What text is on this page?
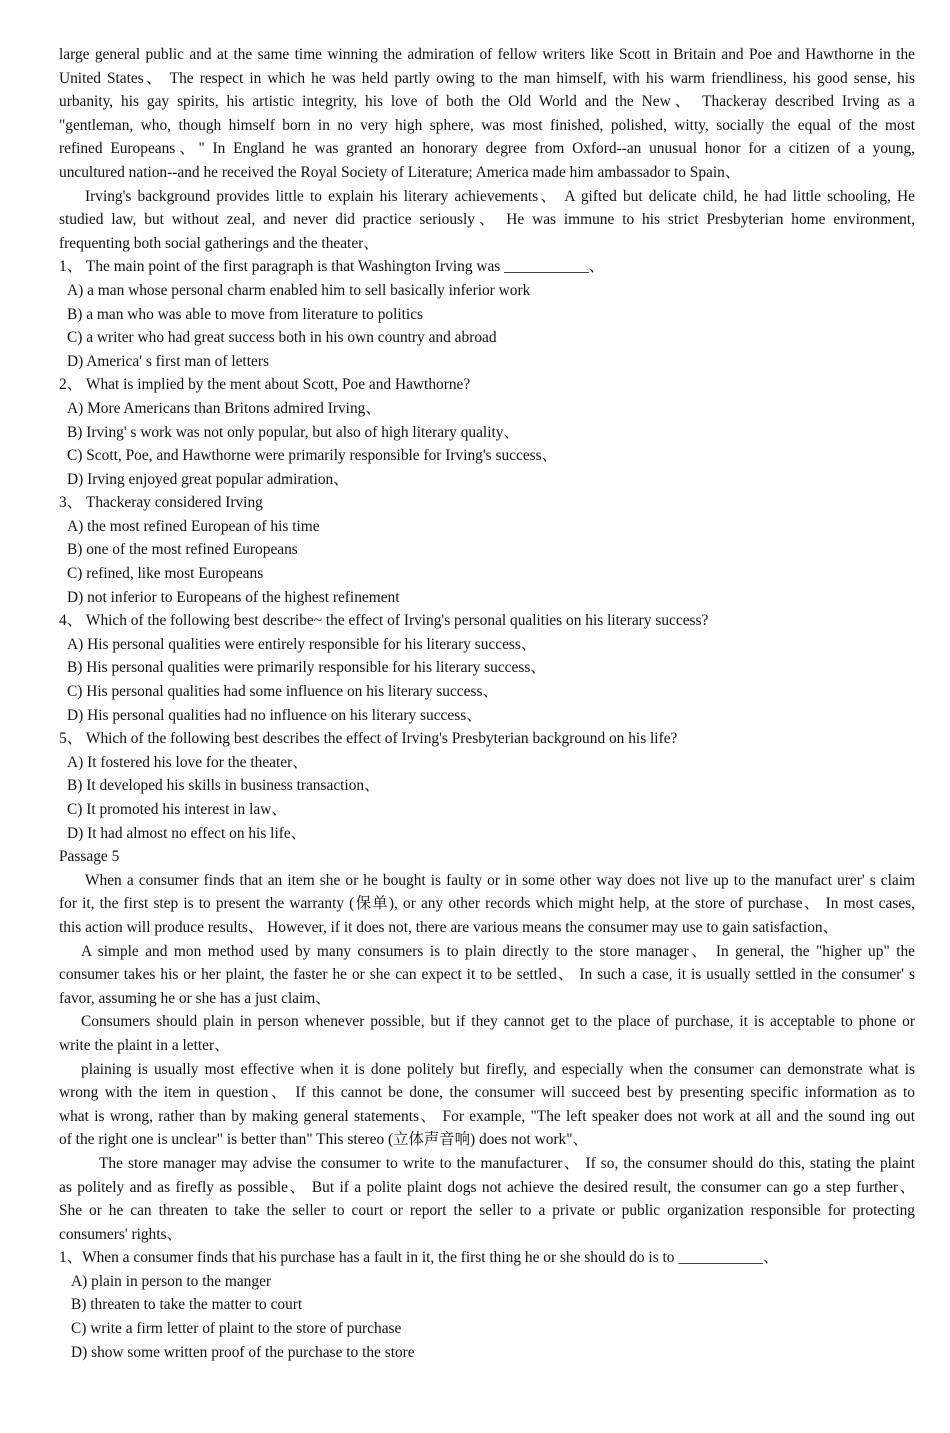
large general public and at the same time winning the admiration of fellow writers like Scott in Britain and Poe and Hawthorne in the
United States、 The respect in which he was held partly owing to the man himself, with his warm friendliness, his good sense, his
urbanity, his gay spirits, his artistic integrity, his love of both the Old World and the New、 Thackeray described Irving as a
"gentleman, who, though himself born in no very high sphere, was most finished, polished, witty, socially the equal of the most
refined Europeans、" In England he was granted an honorary degree from Oxford--an unusual honor for a citizen of a young,
uncultured nation--and he received the Royal Society of Literature; America made him ambassador to Spain、
Irving's background provides little to explain his literary achievements、 A gifted but delicate child, he had little schooling, He
studied law, but without zeal, and never did practice seriously、 He was immune to his strict Presbyterian home environment,
frequenting both social gatherings and the theater、
1、 The main point of the first paragraph is that Washington Irving was ___________、
A) a man whose personal charm enabled him to sell basically inferior work
B) a man who was able to move from literature to politics
C) a writer who had great success both in his own country and abroad
D) America' s first man of letters
2、 What is implied by the ment about Scott, Poe and Hawthorne?
A) More Americans than Britons admired Irving、
B) Irving' s work was not only popular, but also of high literary quality、
C) Scott, Poe, and Hawthorne were primarily responsible for Irving's success、
D) Irving enjoyed great popular admiration、
3、 Thackeray considered Irving
A) the most refined European of his time
B) one of the most refined Europeans
C) refined, like most Europeans
D) not inferior to Europeans of the highest refinement
4、 Which of the following best describe~ the effect of Irving's personal qualities on his literary success?
A) His personal qualities were entirely responsible for his literary success、
B) His personal qualities were primarily responsible for his literary success、
C) His personal qualities had some influence on his literary success、
D) His personal qualities had no influence on his literary success、
5、 Which of the following best describes the effect of Irving's Presbyterian background on his life?
A) It fostered his love for the theater、
B) It developed his skills in business transaction、
C) It promoted his interest in law、
D) It had almost no effect on his life、
Passage 5
When a consumer finds that an item she or he bought is faulty or in some other way does not live up to the manufact urer' s claim
for it, the first step is to present the warranty (保单), or any other records which might help, at the store of purchase、 In most cases,
this action will produce results、 However, if it does not, there are various means the consumer may use to gain satisfaction、
A simple and mon method used by many consumers is to plain directly to the store manager、 In general, the "higher up" the
consumer takes his or her plaint, the faster he or she can expect it to be settled、 In such a case, it is usually settled in the consumer' s
favor, assuming he or she has a just claim、
Consumers should plain in person whenever possible, but if they cannot get to the place of purchase, it is acceptable to phone or
write the plaint in a letter、
plaining is usually most effective when it is done politely but firefly, and especially when the consumer can demonstrate what is
wrong with the item in question、 If this cannot be done, the consumer will succeed best by presenting specific information as to
what is wrong, rather than by making general statements、 For example, "The left speaker does not work at all and the sound ing out
of the right one is unclear" is better than" This stereo (立体声音响) does not work"、
The store manager may advise the consumer to write to the manufacturer、 If so, the consumer should do this, stating the plaint
as politely and as firefly as possible、 But if a polite plaint dogs not achieve the desired result, the consumer can go a step further、
She or he can threaten to take the seller to court or report the seller to a private or public organization responsible for protecting
consumers' rights、
1、When a consumer finds that his purchase has a fault in it, the first thing he or she should do is to ___________、
A) plain in person to the manger
B) threaten to take the matter to court
C) write a firm letter of plaint to the store of purchase
D) show some written proof of the purchase to the store
